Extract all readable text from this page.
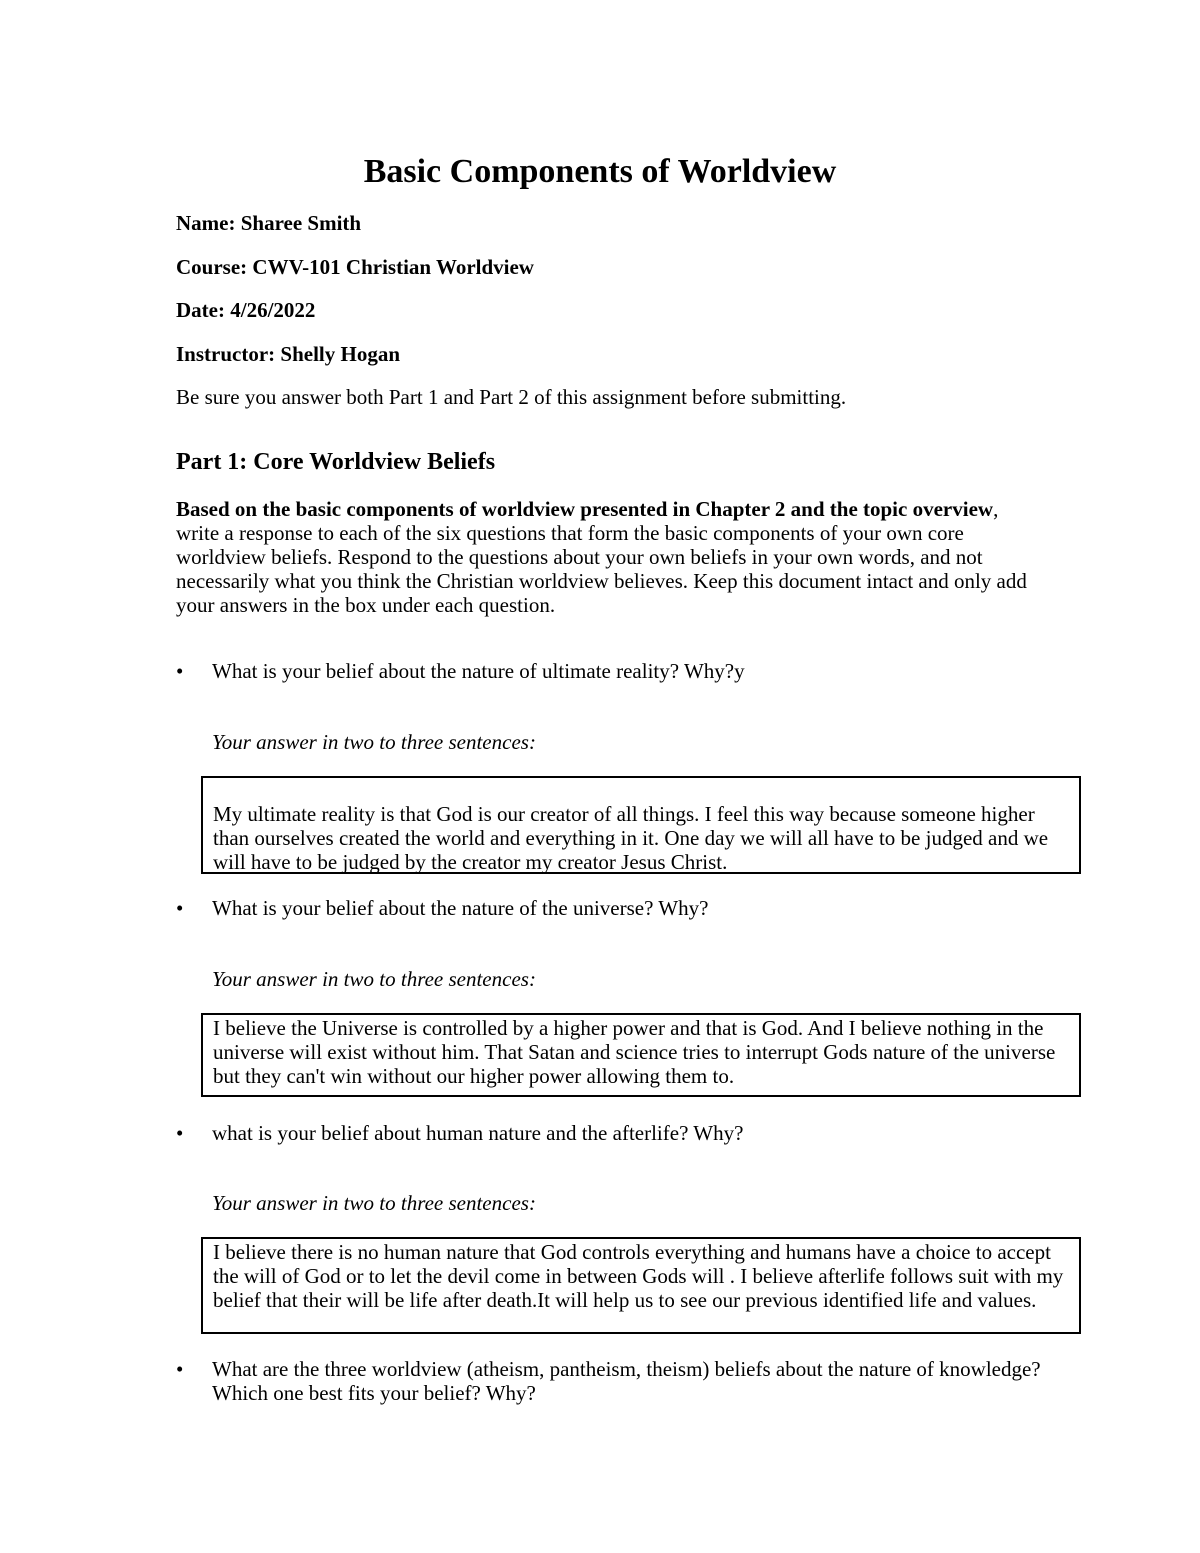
Basic Components of Worldview
Name: Sharee Smith
Course: CWV-101 Christian Worldview
Date: 4/26/2022
Instructor: Shelly Hogan
Be sure you answer both Part 1 and Part 2 of this assignment before submitting.
Part 1: Core Worldview Beliefs
Based on the basic components of worldview presented in Chapter 2 and the topic overview, write a response to each of the six questions that form the basic components of your own core worldview beliefs. Respond to the questions about your own beliefs in your own words, and not necessarily what you think the Christian worldview believes. Keep this document intact and only add your answers in the box under each question.
•	What is your belief about the nature of ultimate reality? Why?y
Your answer in two to three sentences:

My ultimate reality is that God is our creator of all things. I feel this way because someone higher than ourselves created the world and everything in it. One day we will all have to be judged and we will have to be judged by the creator my creator Jesus Christ.

•	What is your belief about the nature of the universe? Why?
Your answer in two to three sentences:

I believe the Universe is controlled by a higher power and that is God. And I believe nothing in the universe will exist without him. That Satan and science tries to interrupt Gods nature of the universe but they can't win without our higher power allowing them to.

•	what is your belief about human nature and the afterlife? Why?
Your answer in two to three sentences:

I believe there is no human nature that God controls everything and humans have a choice to accept the will of God or to let the devil come in between Gods will . I believe afterlife follows suit with my belief that their will be life after death.It will help us to see our previous identified life and values.

•	What are the three worldview (atheism, pantheism, theism) beliefs about the nature of knowledge? Which one best fits your belief? Why?
